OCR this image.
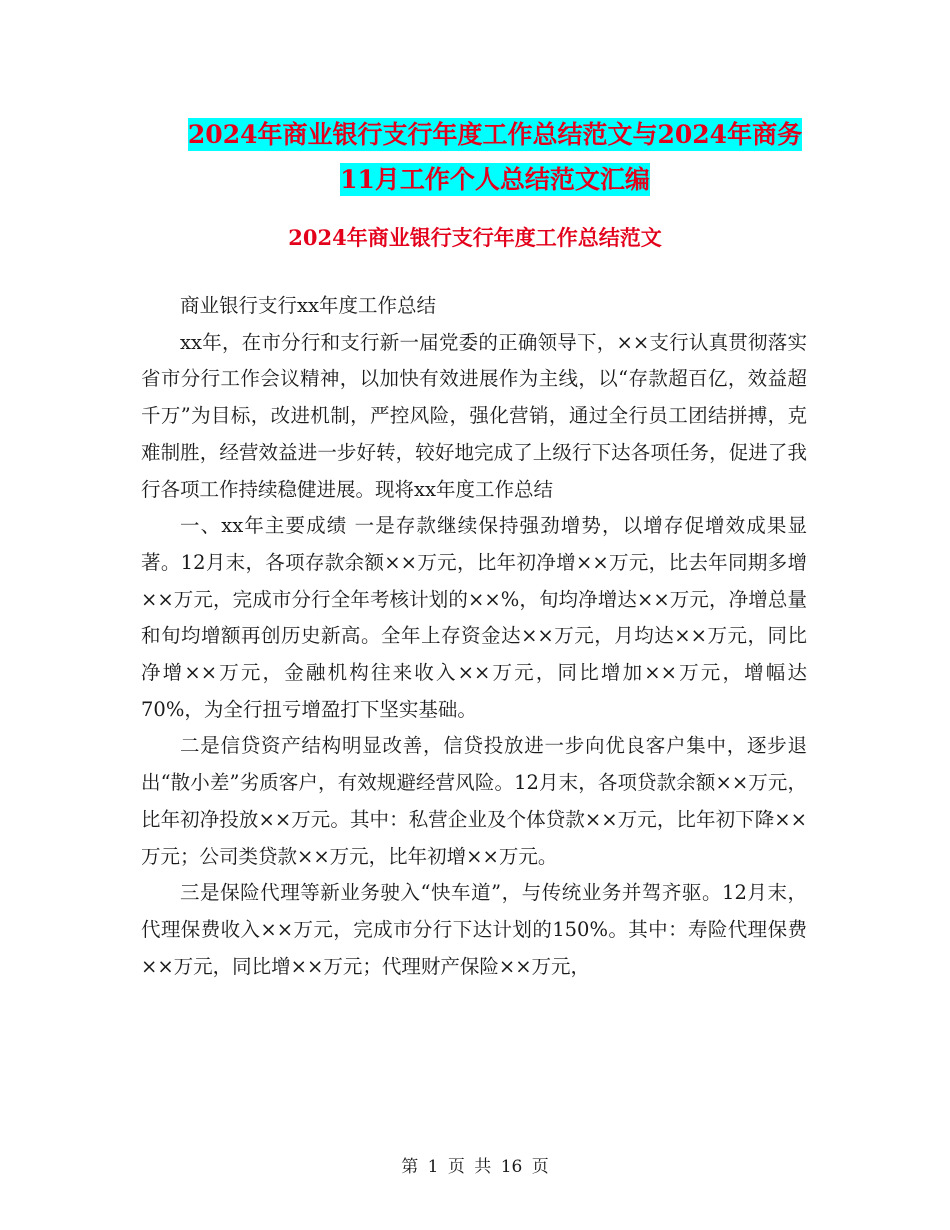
2024年商业银行支行年度工作总结范文与2024年商务
11月工作个人总结范文汇编
2024年商业银行支行年度工作总结范文

商业银行支行xx年度工作总结

xx年，在市分行和支行新一届党委的正确领导下，××支行认真贯彻落实省市分行工作会议精神，以加快有效进展作为主线，以“存款超百亿，效益超千万”为目标，改进机制，严控风险，强化营销，通过全行员工团结拼搏，克难制胜，经营效益进一步好转，较好地完成了上级行下达各项任务，促进了我行各项工作持续稳健进展。现将xx年度工作总结

一、xx年主要成绩 一是存款继续保持强劲增势，以增存促增效成果显著。12月末，各项存款余额××万元，比年初净增××万元，比去年同期多增××万元，完成市分行全年考核计划的××%，旬均净增达××万元，净增总量和旬均增额再创历史新高。全年上存资金达××万元，月均达××万元，同比净增××万元，金融机构往来收入××万元，同比增加××万元，增幅达70%，为全行扭亏增盈打下坚实基础。

二是信贷资产结构明显改善，信贷投放进一步向优良客户集中，逐步退出“散小差”劣质客户，有效规避经营风险。12月末，各项贷款余额××万元，比年初净投放××万元。其中：私营企业及个体贷款××万元，比年初下降××万元；公司类贷款××万元，比年初增××万元。

三是保险代理等新业务驶入“快车道”，与传统业务并驾齐驱。12月末，代理保费收入××万元，完成市分行下达计划的150%。其中：寿险代理保费××万元，同比增××万元；代理财产保险××万元，

第 1 页 共 16 页
